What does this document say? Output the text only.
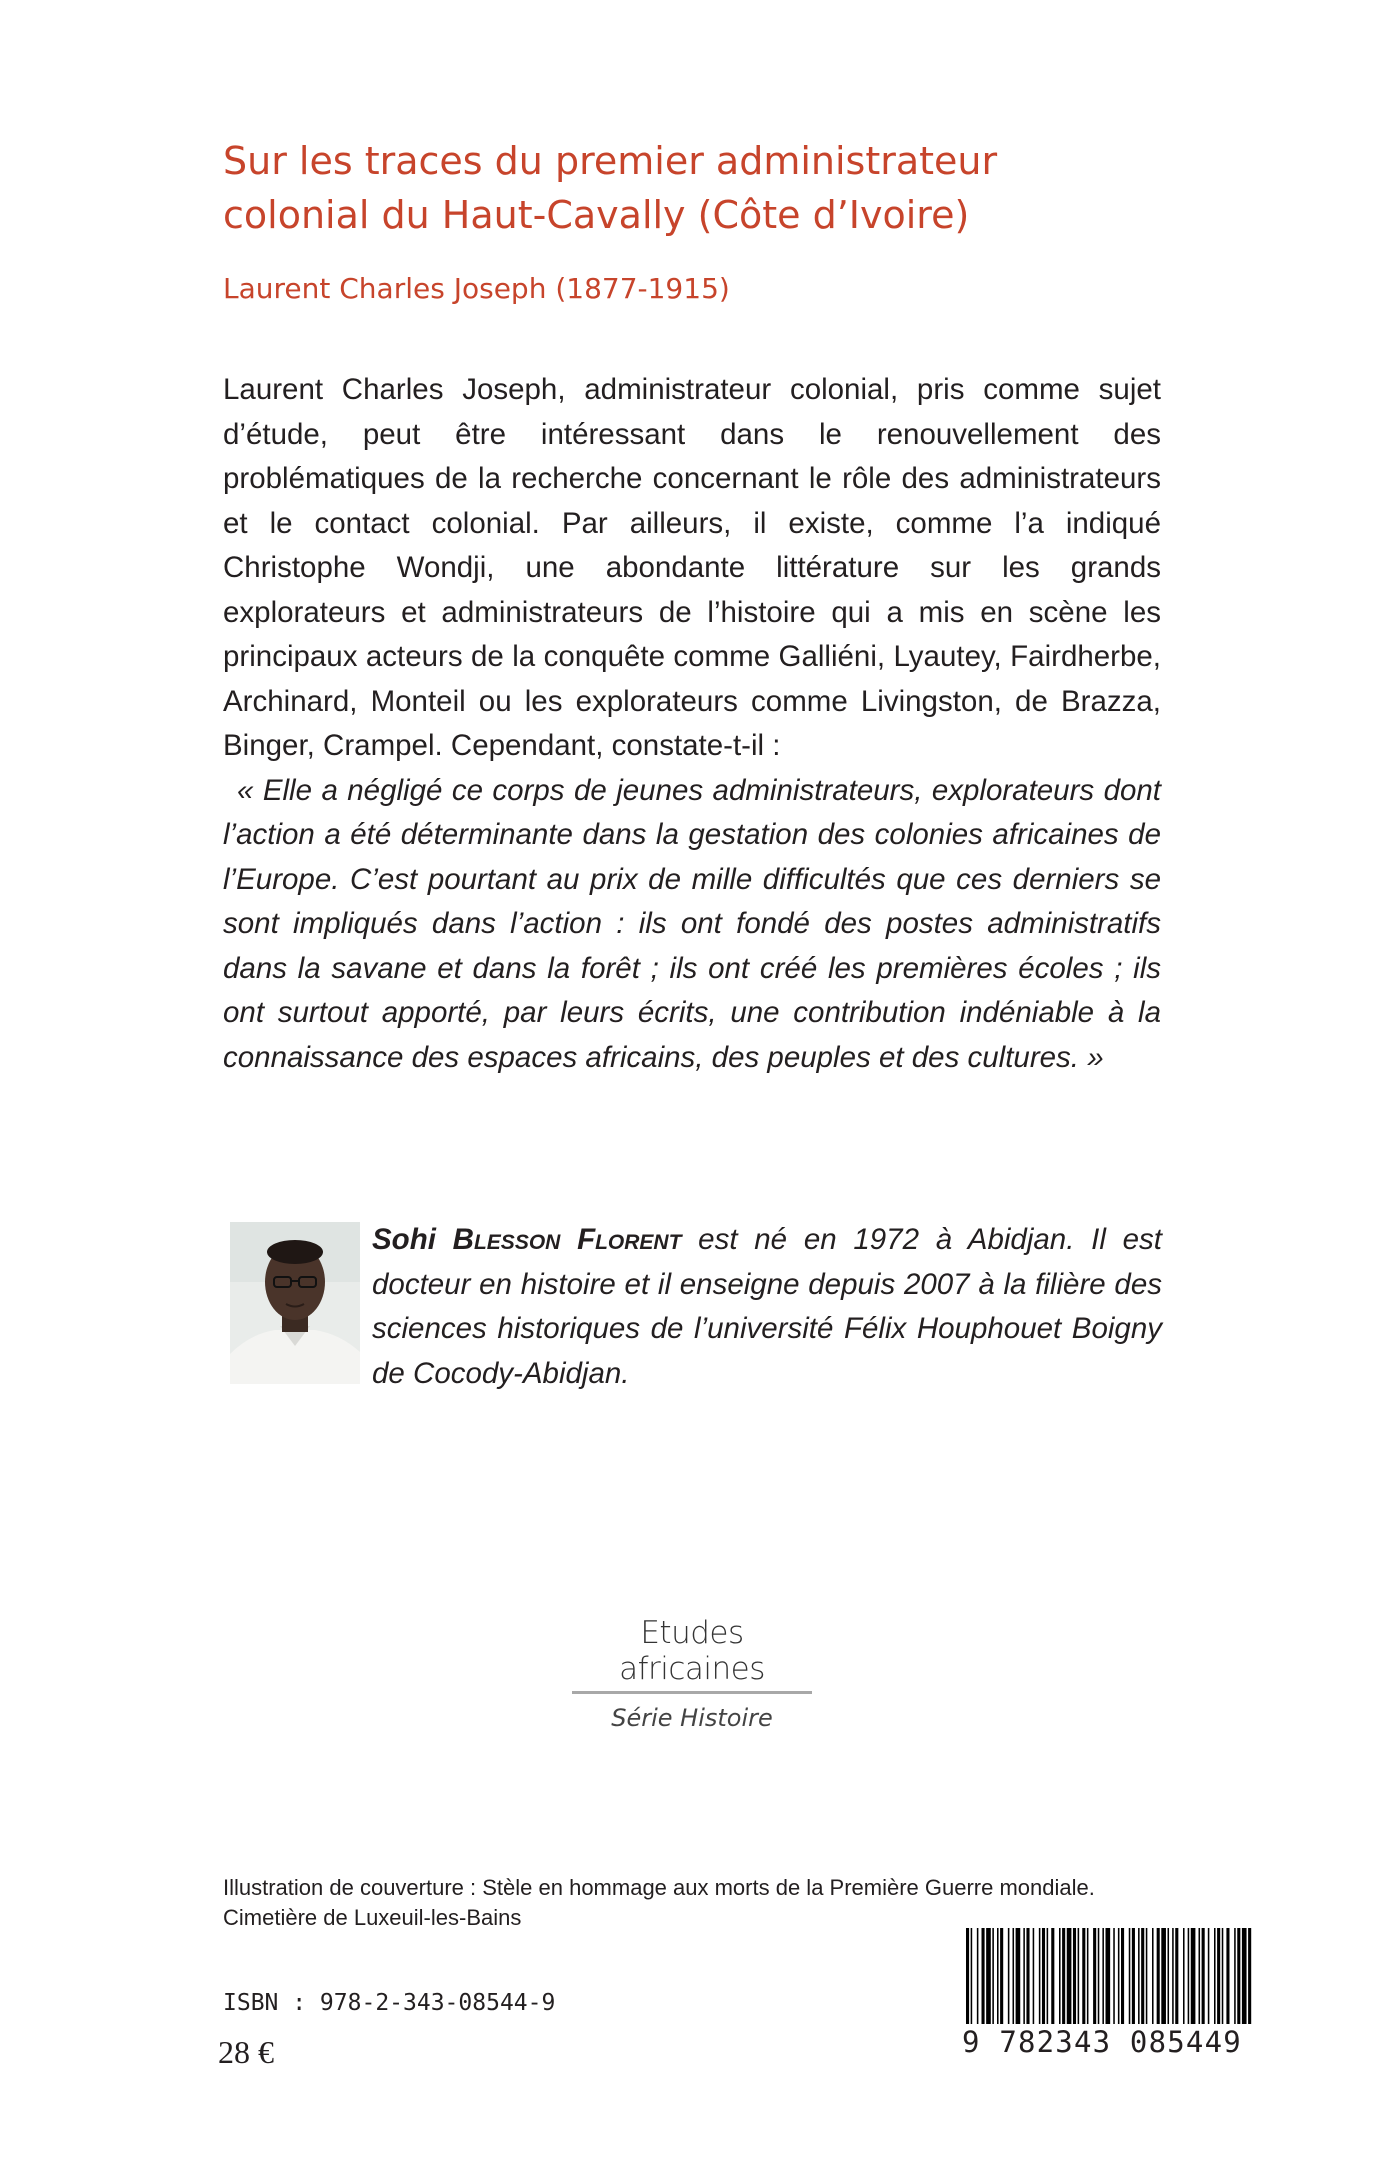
Sur les traces du premier administrateur
colonial du Haut-Cavally (Côte d’Ivoire)
Laurent Charles Joseph (1877-1915)

Laurent Charles Joseph, administrateur colonial, pris comme sujet d’étude, peut être intéressant dans le renouvellement des problématiques de la recherche concernant le rôle des administrateurs et le contact colonial. Par ailleurs, il existe, comme l’a indiqué Christophe Wondji, une abondante littérature sur les grands explorateurs et administrateurs de l’histoire qui a mis en scène les principaux acteurs de la conquête comme Galliéni, Lyautey, Fairdherbe, Archinard, Monteil ou les explorateurs comme Livingston, de Brazza, Binger, Crampel. Cependant, constate-t-il :

« Elle a négligé ce corps de jeunes administrateurs, explorateurs dont l’action a été déterminante dans la gestation des colonies africaines de l’Europe. C’est pourtant au prix de mille difficultés que ces derniers se sont impliqués dans l’action : ils ont fondé des postes administratifs dans la savane et dans la forêt ; ils ont créé les premières écoles ; ils ont surtout apporté, par leurs écrits, une contribution indéniable à la connaissance des espaces africains, des peuples et des cultures. »

Sohi Blesson Florent est né en 1972 à Abidjan. Il est docteur en histoire et il enseigne depuis 2007 à la filière des sciences historiques de l’université Félix Houphouet Boigny de Cocody-Abidjan.
Etudes africaines
Série Histoire
Illustration de couverture : Stèle en hommage aux morts de la Première Guerre mondiale.
Cimetière de Luxeuil-les-Bains
ISBN : 978-2-343-08544-9
28 €	9 782343 085449
